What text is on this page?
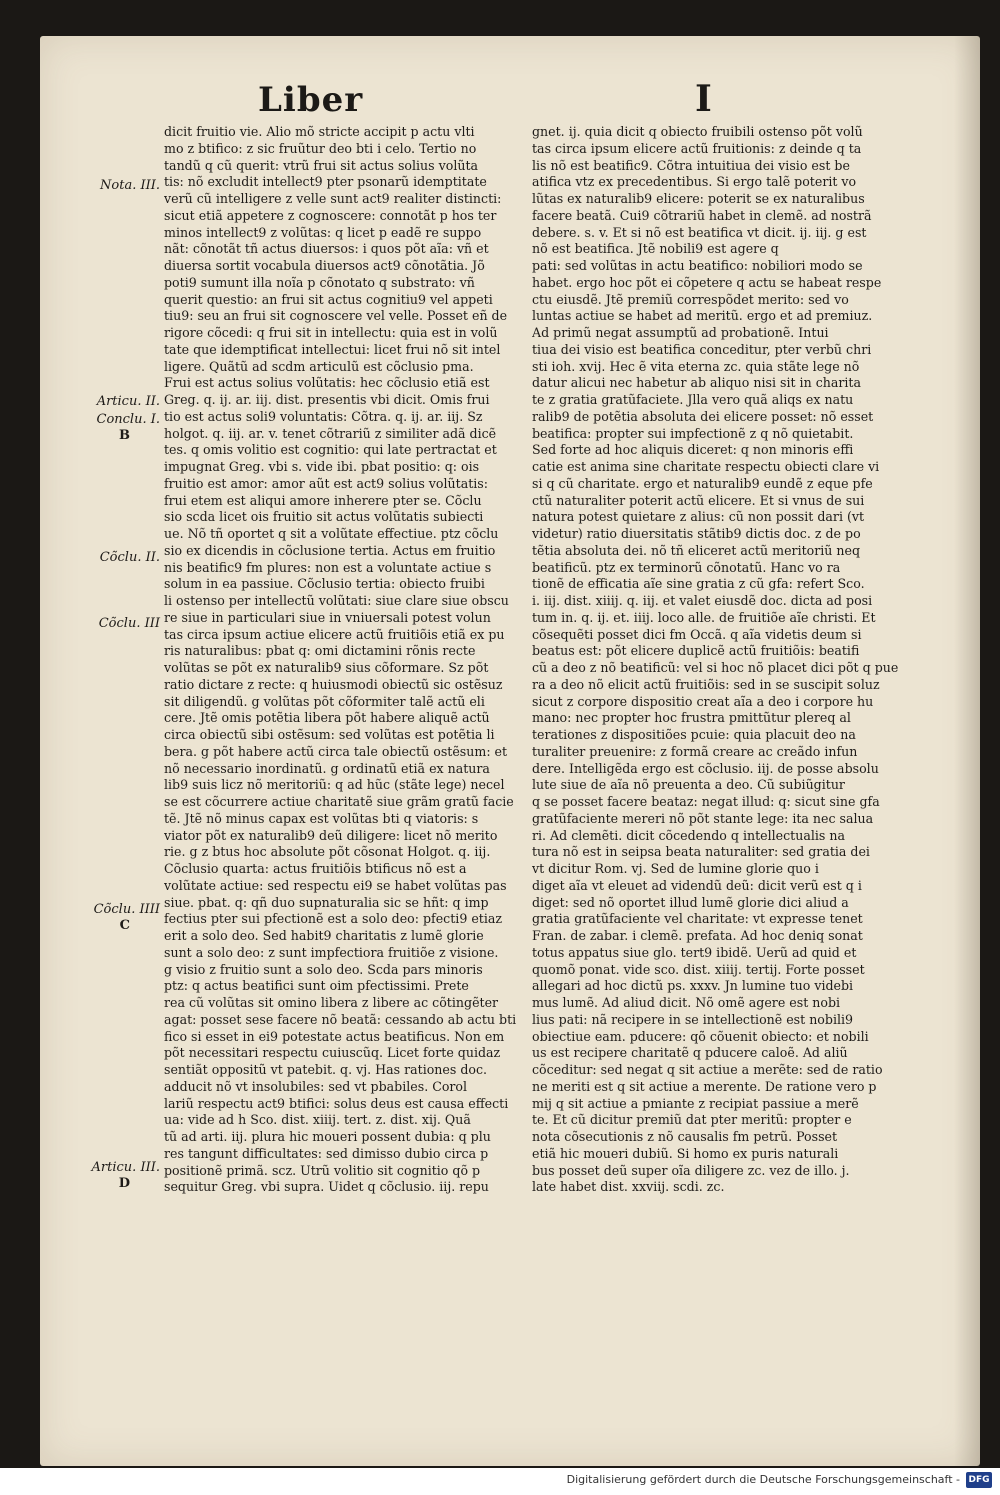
Liber	I
Nota. III.
Articu. II.
Conclu. I.
B
Cõclu. II.
Cõclu. III
Cõclu. IIII
C
Articu. III.
D
dicit fruitio vie. Alio mõ stricte accipit p actu vlti
mo z btifico: z sic fruũtur deo bti i celo. Tertio no
tandũ q cũ querit: vtrũ frui sit actus solius volũta
tis: nõ excludit intellect9 pter psonarũ idemptitate
verũ cũ intelligere z velle sunt act9 realiter distincti:
sicut etiã appetere z cognoscere: connotãt p hos ter
minos intellect9 z volũtas: q licet p eadẽ re suppo
nãt: cõnotãt tñ actus diuersos: i quos põt aĩa: vñ et
diuersa sortit vocabula diuersos act9 cõnotãtia. Jõ
poti9 sumunt illa noĩa p cõnotato q substrato: vñ
querit questio: an frui sit actus cognitiu9 vel appeti
tiu9: seu an frui sit cognoscere vel velle. Posset eñ de
rigore cõcedi: q frui sit in intellectu: quia est in volũ
tate que idemptificat intellectui: licet frui nõ sit intel
ligere. Quãtũ ad scdm articulũ est cõclusio pma.
Frui est actus solius volũtatis: hec cõclusio etiã est
Greg. q. ij. ar. iij. dist. presentis vbi dicit. Omis frui
tio est actus soli9 voluntatis: Cõtra. q. ij. ar. iij. Sz
holgot. q. iij. ar. v. tenet cõtrariũ z similiter adã dicẽ
tes. q omis volitio est cognitio: qui late pertractat et
impugnat Greg. vbi s. vide ibi. pbat positio: q: ois
fruitio est amor: amor aũt est act9 solius volũtatis:
frui etem est aliqui amore inherere pter se. Cõclu
sio scda licet ois fruitio sit actus volũtatis subiecti
ue. Nõ tñ oportet q sit a volũtate effectiue. ptz cõclu
sio ex dicendis in cõclusione tertia. Actus em fruitio
nis beatific9 fm plures: non est a voluntate actiue s
solum in ea passiue. Cõclusio tertia: obiecto fruibi
li ostenso per intellectũ volũtati: siue clare siue obscu
re siue in particulari siue in vniuersali potest volun
tas circa ipsum actiue elicere actũ fruitiõis etiã ex pu
ris naturalibus: pbat q: omi dictamini rõnis recte
volũtas se põt ex naturalib9 sius cõformare. Sz põt
ratio dictare z recte: q huiusmodi obiectũ sic ostẽsuz
sit diligendũ. g volũtas põt cõformiter talẽ actũ eli
cere. Jtẽ omis potẽtia libera põt habere aliquẽ actũ
circa obiectũ sibi ostẽsum: sed volũtas est potẽtia li
bera. g põt habere actũ circa tale obiectũ ostẽsum: et
nõ necessario inordinatũ. g ordinatũ etiã ex natura
lib9 suis licz nõ meritoriũ: q ad hũc (stãte lege) necel
se est cõcurrere actiue charitatẽ siue grãm gratũ facie
tẽ. Jtẽ nõ minus capax est volũtas bti q viatoris: s
viator põt ex naturalib9 deũ diligere: licet nõ merito
rie. g z btus hoc absolute põt cõsonat Holgot. q. iij.
Cõclusio quarta: actus fruitiõis btificus nõ est a
volũtate actiue: sed respectu ei9 se habet volũtas pas
siue. pbat. q: qñ duo supnaturalia sic se hñt: q imp
fectius pter sui pfectionẽ est a solo deo: pfecti9 etiaz
erit a solo deo. Sed habit9 charitatis z lumẽ glorie
sunt a solo deo: z sunt impfectiora fruitiõe z visione.
g visio z fruitio sunt a solo deo. Scda pars minoris
ptz: q actus beatifici sunt oim pfectissimi. Prete
rea cũ volũtas sit omino libera z libere ac cõtingẽter
agat: posset sese facere nõ beatã: cessando ab actu bti
fico si esset in ei9 potestate actus beatificus. Non em
põt necessitari respectu cuiuscũq. Licet forte quidaz
sentiãt oppositũ vt patebit. q. vj. Has rationes doc.
adducit nõ vt insolubiles: sed vt pbabiles. Corol
lariũ respectu act9 btifici: solus deus est causa effecti
ua: vide ad h Sco. dist. xiiij. tert. z. dist. xij. Quã
tũ ad arti. iij. plura hic moueri possent dubia: q plu
res tangunt difficultates: sed dimisso dubio circa p
positionẽ primã. scz. Utrũ volitio sit cognitio qõ p
sequitur Greg. vbi supra. Uidet q cõclusio. iij. repu
gnet. ij. quia dicit q obiecto fruibili ostenso põt volũ
tas circa ipsum elicere actũ fruitionis: z deinde q ta
lis nõ est beatific9. Cõtra intuitiua dei visio est be
atifica vtz ex precedentibus. Si ergo talẽ poterit vo
lũtas ex naturalib9 elicere: poterit se ex naturalibus
facere beatã. Cui9 cõtrariũ habet in clemẽ. ad nostrã
debere. s. v. Et si nõ est beatifica vt dicit. ij. iij. g est
nõ est beatifica. Jtẽ nobili9 est agere q
pati: sed volũtas in actu beatifico: nobiliori modo se
habet. ergo hoc põt ei cõpetere q actu se habeat respe
ctu eiusdẽ. Jtẽ premiũ correspõdet merito: sed vo
luntas actiue se habet ad meritũ. ergo et ad premiuz.
Ad primũ negat assumptũ ad probationẽ. Intui
tiua dei visio est beatifica conceditur, pter verbũ chri
sti ioh. xvij. Hec ẽ vita eterna zc. quia stãte lege nõ
datur alicui nec habetur ab aliquo nisi sit in charita
te z gratia gratũfaciete. Jlla vero quã aliqs ex natu
ralib9 de potẽtia absoluta dei elicere posset: nõ esset
beatifica: propter sui impfectionẽ z q nõ quietabit.
Sed forte ad hoc aliquis diceret: q non minoris effi
catie est anima sine charitate respectu obiecti clare vi
si q cũ charitate. ergo et naturalib9 eundẽ z eque pfe
ctũ naturaliter poterit actũ elicere. Et si vnus de sui
natura potest quietare z alius: cũ non possit dari (vt
videtur) ratio diuersitatis stãtib9 dictis doc. z de po
tẽtia absoluta dei. nõ tñ eliceret actũ meritoriũ neq
beatificũ. ptz ex terminorũ cõnotatũ. Hanc vo ra
tionẽ de efficatia aĩe sine gratia z cũ gfa: refert Sco.
i. iij. dist. xiiij. q. iij. et valet eiusdẽ doc. dicta ad posi
tum in. q. ij. et. iiij. loco alle. de fruitiõe aĩe christi. Et
cõsequẽti posset dici fm Occã. q aĩa videtis deum si
beatus est: põt elicere duplicẽ actũ fruitiõis: beatifi
cũ a deo z nõ beatificũ: vel si hoc nõ placet dici põt q pue
ra a deo nõ elicit actũ fruitiõis: sed in se suscipit soluz
sicut z corpore dispositio creat aĩa a deo i corpore hu
mano: nec propter hoc frustra pmittũtur plereq al
terationes z dispositiões pcuie: quia placuit deo na
turaliter preuenire: z formã creare ac creãdo infun
dere. Intelligẽda ergo est cõclusio. iij. de posse absolu
lute siue de aĩa nõ preuenta a deo. Cũ subiũgitur
q se posset facere beataz: negat illud: q: sicut sine gfa
gratũfaciente mereri nõ põt stante lege: ita nec salua
ri. Ad clemẽti. dicit cõcedendo q intellectualis na
tura nõ est in seipsa beata naturaliter: sed gratia dei
vt dicitur Rom. vj. Sed de lumine glorie quo i
diget aĩa vt eleuet ad videndũ deũ: dicit verũ est q i
diget: sed nõ oportet illud lumẽ glorie dici aliud a
gratia gratũfaciente vel charitate: vt expresse tenet
Fran. de zabar. i clemẽ. prefata. Ad hoc deniq sonat
totus appatus siue glo. tert9 ibidẽ. Uerũ ad quid et
quomõ ponat. vide sco. dist. xiiij. tertij. Forte posset
allegari ad hoc dictũ ps. xxxv. Jn lumine tuo videbi
mus lumẽ. Ad aliud dicit. Nõ omẽ agere est nobi
lius pati: nã recipere in se intellectionẽ est nobili9
obiectiue eam. pducere: qõ cõuenit obiecto: et nobili
us est recipere charitatẽ q pducere caloẽ. Ad aliũ
cõceditur: sed negat q sit actiue a merẽte: sed de ratio
ne meriti est q sit actiue a merente. De ratione vero p
mij q sit actiue a pmiante z recipiat passiue a merẽ
te. Et cũ dicitur premiũ dat pter meritũ: propter e
nota cõsecutionis z nõ causalis fm petrũ. Posset
etiã hic moueri dubiũ. Si homo ex puris naturali
bus posset deũ super oĩa diligere zc. vez de illo. j.
late habet dist. xxviij. scdi. zc.
Digitalisierung gefördert durch die Deutsche Forschungsgemeinschaft - DFG
